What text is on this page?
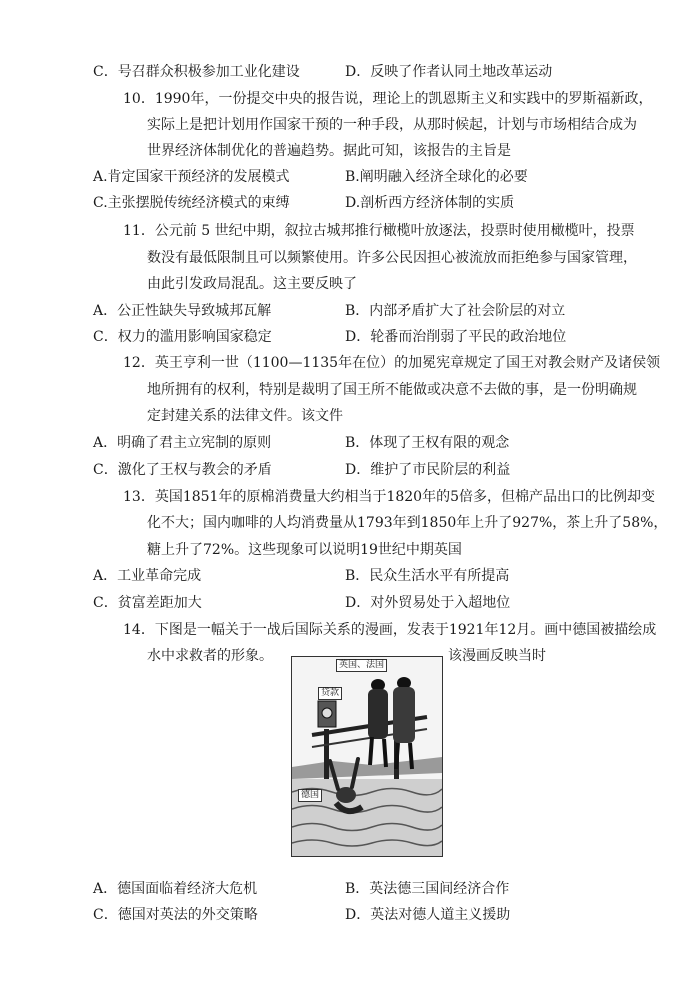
C．号召群众积极参加工业化建设	D．反映了作者认同土地改革运动
10．1990年，一份提交中央的报告说，理论上的凯恩斯主义和实践中的罗斯福新政，
实际上是把计划用作国家干预的一种手段，从那时候起，计划与市场相结合成为
世界经济体制优化的普遍趋势。据此可知，该报告的主旨是
A.肯定国家干预经济的发展模式	B.阐明融入经济全球化的必要
C.主张摆脱传统经济模式的束缚	D.剖析西方经济体制的实质
11．公元前 5 世纪中期，叙拉古城邦推行橄榄叶放逐法，投票时使用橄榄叶，投票
数没有最低限制且可以频繁使用。许多公民因担心被流放而拒绝参与国家管理，
由此引发政局混乱。这主要反映了
A．公正性缺失导致城邦瓦解	B．内部矛盾扩大了社会阶层的对立
C．权力的滥用影响国家稳定	D．轮番而治削弱了平民的政治地位
12．英王亨利一世（1100—1135年在位）的加冕宪章规定了国王对教会财产及诸侯领
地所拥有的权利，特别是裁明了国王所不能做或决意不去做的事，是一份明确规
定封建关系的法律文件。该文件
A．明确了君主立宪制的原则	B．体现了王权有限的观念
C．激化了王权与教会的矛盾	D．维护了市民阶层的利益
13．英国1851年的原棉消费量大约相当于1820年的5倍多，但棉产品出口的比例却变
化不大；国内咖啡的人均消费量从1793年到1850年上升了927%，茶上升了58%，
糖上升了72%。这些现象可以说明19世纪中期英国
A．工业革命完成	B．民众生活水平有所提高
C．贫富差距加大	D．对外贸易处于入超地位
14．下图是一幅关于一战后国际关系的漫画，发表于1921年12月。画中德国被描绘成
水中求救者的形象。	该漫画反映当时
英国、法国
贷款
德国
A．德国面临着经济大危机	B．英法德三国间经济合作
C．德国对英法的外交策略	D．英法对德人道主义援助
